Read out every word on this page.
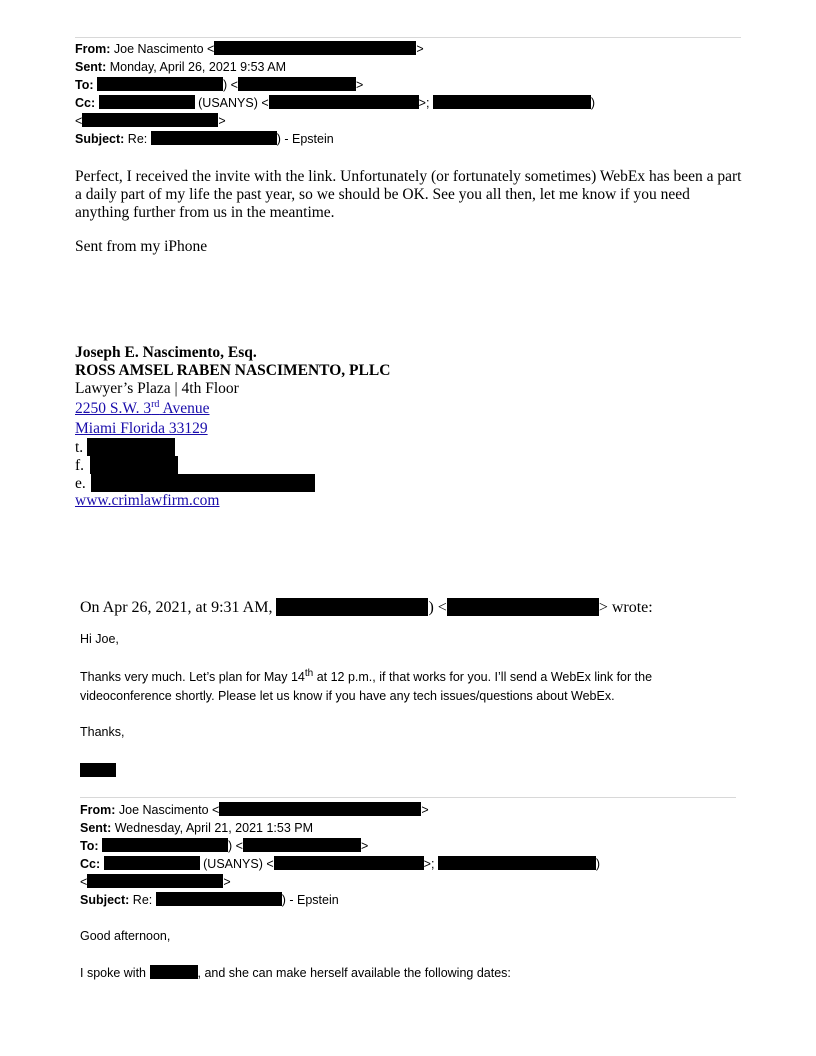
From: Joe Nascimento <	>
Sent: Monday, April 26, 2021 9:53 AM
To:	) <	>
Cc:	(USANYS) <	>;	)
<	>
Subject: Re:	) - Epstein
Perfect, I received the invite with the link. Unfortunately (or fortunately sometimes) WebEx has been a part a daily part of my life the past year, so we should be OK. See you all then, let me know if you need anything further from us in the meantime.
Sent from my iPhone
Joseph E. Nascimento, Esq.
ROSS AMSEL RABEN NASCIMENTO, PLLC
Lawyer’s Plaza | 4th Floor
2250 S.W. 3rd Avenue
Miami Florida 33129
t.
f.
e.
www.crimlawfirm.com
On Apr 26, 2021, at 9:31 AM,	) <	> wrote:
Hi Joe,
Thanks very much. Let’s plan for May 14th at 12 p.m., if that works for you. I’ll send a WebEx link for the
videoconference shortly. Please let us know if you have any tech issues/questions about WebEx.
Thanks,
From: Joe Nascimento <	>
Sent: Wednesday, April 21, 2021 1:53 PM
To:	) <	>
Cc:	(USANYS) <	>;	)
<	>
Subject: Re:	) - Epstein
Good afternoon,
I spoke with	, and she can make herself available the following dates:
